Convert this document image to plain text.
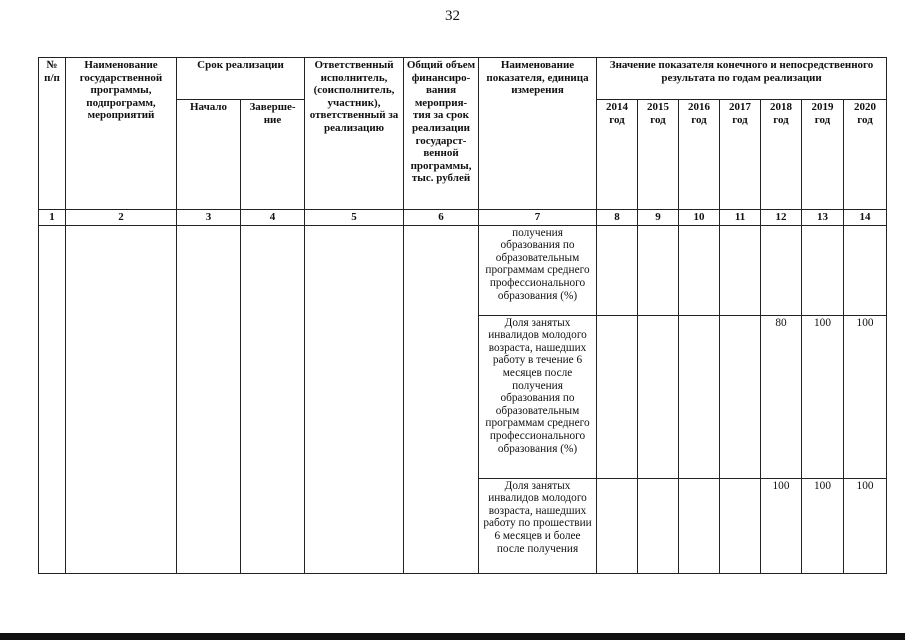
32
№ п/п	Наименование государственной программы, подпрограмм, мероприятий	Срок реализации		Ответственный исполнитель, (соисполнитель, участник), ответственный за реализацию	Общий объем финансиро-вания мероприя-тия за срок реализации государст-венной программы, тыс. рублей	Наименование показателя, единица измерения	Значение показателя конечного и непосредственного результата по годам реализации						
		Начало	Заверше-ние				2014 год	2015 год	2016 год	2017 год	2018 год	2019 год	2020 год
1	2	3	4	5	6	7	8	9	10	11	12	13	14
						получения образования по образовательным программам среднего профессионального образования (%)							
						Доля занятых инвалидов молодого возраста, нашедших работу в течение 6 месяцев после получения образования по образовательным программам среднего профессионального образования (%)					80	100	100
						Доля занятых инвалидов молодого возраста, нашедших работу по прошествии 6 месяцев и более после получения					100	100	100
